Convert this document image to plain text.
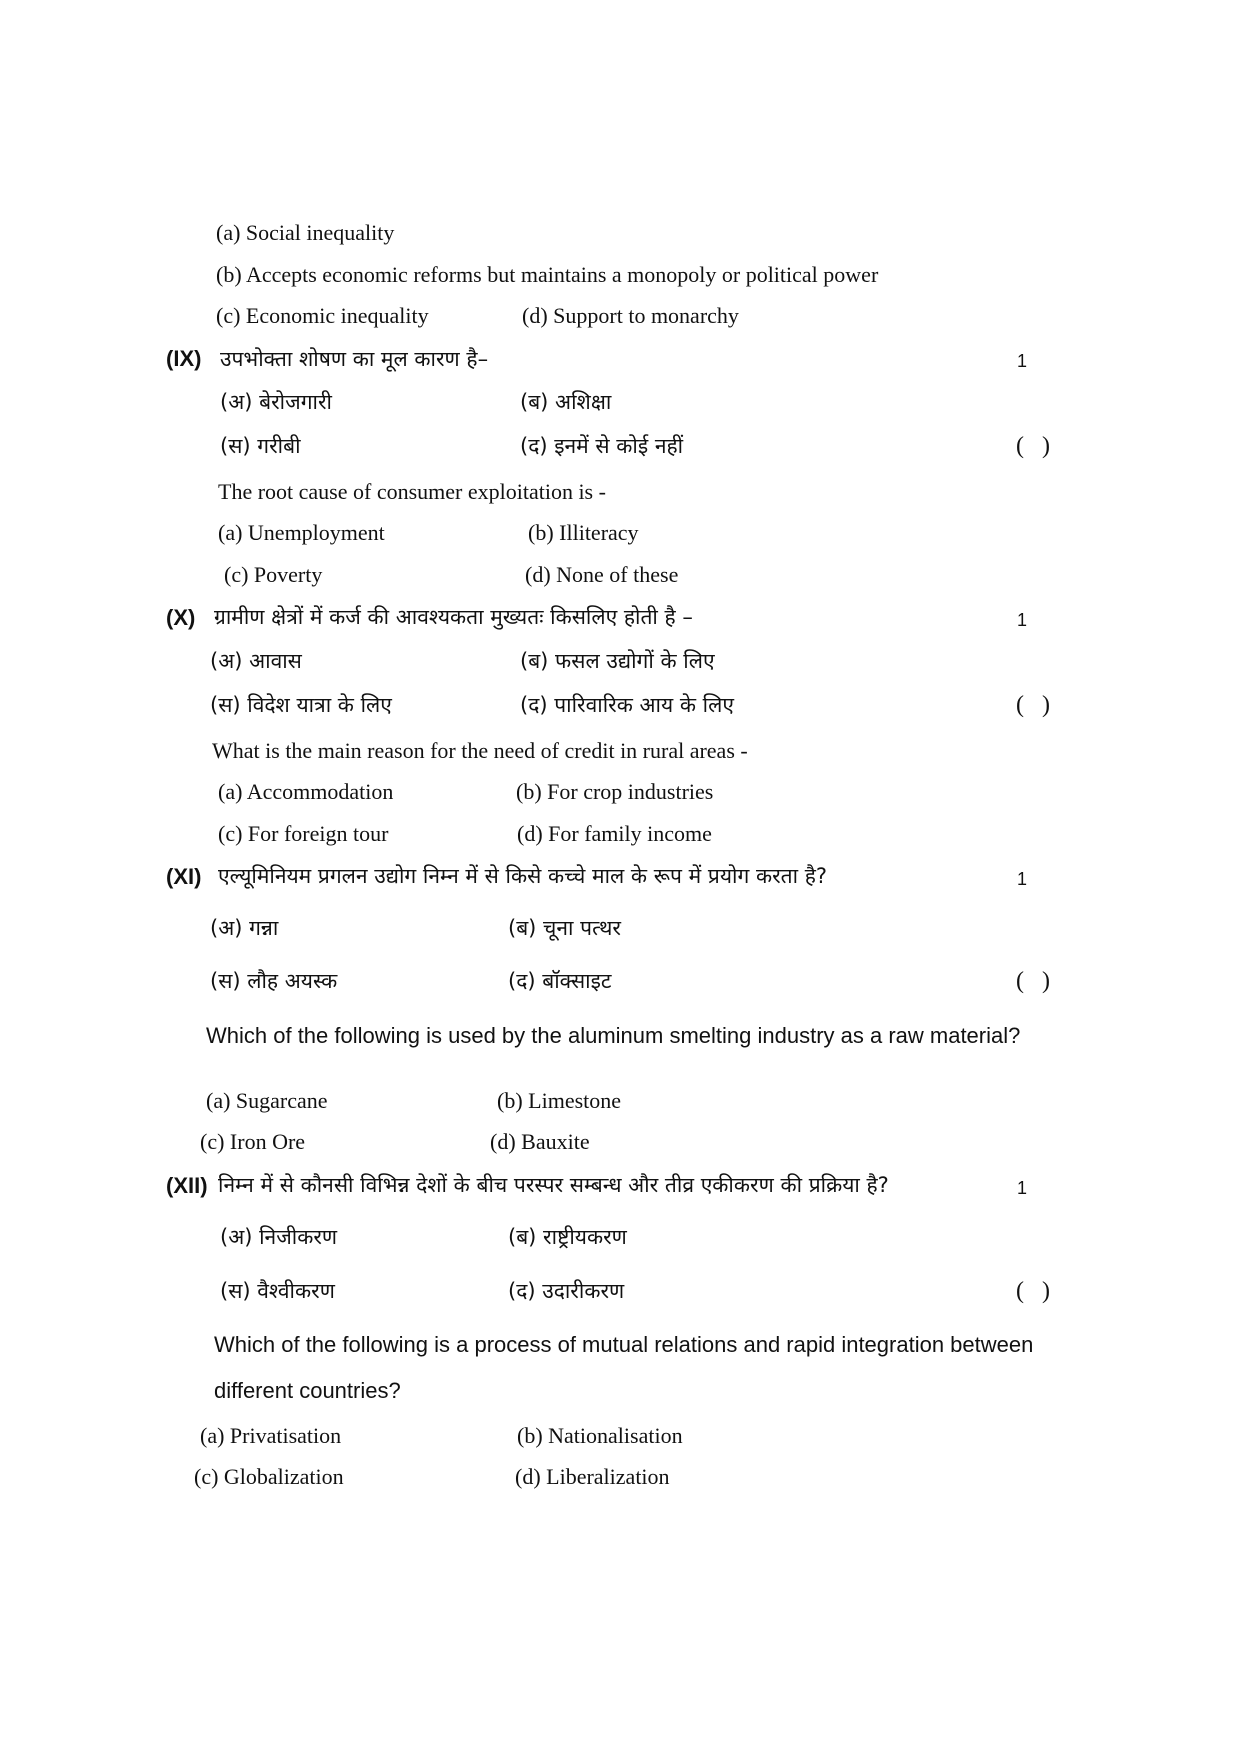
(a) Social inequality
(b) Accepts economic reforms but maintains a monopoly or political power
(c) Economic inequality	(d) Support to monarchy
(IX) उपभोक्ता शोषण का मूल कारण है–	1
(अ) बेरोजगारी	(ब) अशिक्षा
(स) गरीबी	(द) इनमें से कोई नहीं	( )
The root cause of consumer exploitation is -
(a) Unemployment	(b) Illiteracy
(c) Poverty	(d) None of these
(X) ग्रामीण क्षेत्रों में कर्ज की आवश्यकता मुख्यतः किसलिए होती है –	1
(अ) आवास	(ब) फसल उद्योगों के लिए
(स) विदेश यात्रा के लिए	(द) पारिवारिक आय के लिए	( )
What is the main reason for the need of credit in rural areas -
(a) Accommodation	(b) For crop industries
(c) For foreign tour	(d) For family income
(XI) एल्यूमिनियम प्रगलन उद्योग निम्न में से किसे कच्चे माल के रूप में प्रयोग करता है?	1
(अ) गन्ना	(ब) चूना पत्थर
(स) लौह अयस्क	(द) बॉक्साइट	( )
Which of the following is used by the aluminum smelting industry as a raw material?
(a) Sugarcane	(b) Limestone
(c) Iron Ore	(d) Bauxite
(XII) निम्न में से कौनसी विभिन्न देशों के बीच परस्पर सम्बन्ध और तीव्र एकीकरण की प्रक्रिया है?	1
(अ) निजीकरण	(ब) राष्ट्रीयकरण
(स) वैश्वीकरण	(द) उदारीकरण	( )
Which of the following is a process of mutual relations and rapid integration between
different countries?
(a) Privatisation	(b) Nationalisation
(c) Globalization	(d) Liberalization
